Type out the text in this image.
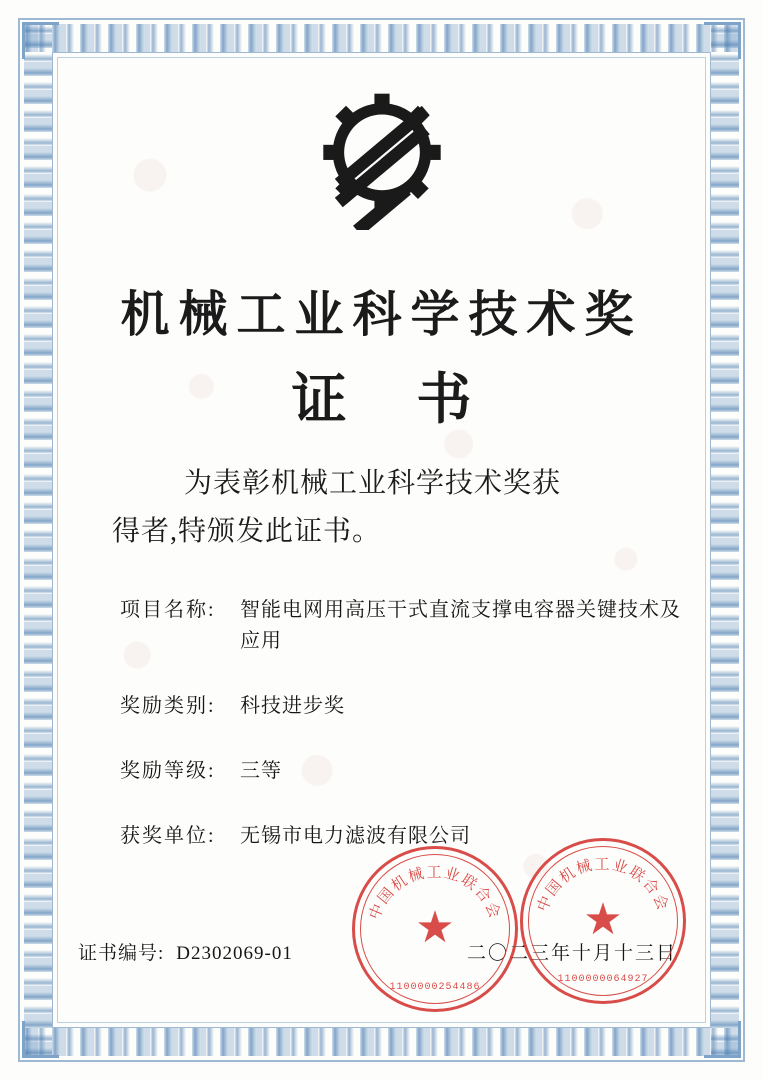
机械工业科学技术奖
证 书
为表彰机械工业科学技术奖获
得者,特颁发此证书。
项目名称:	智能电网用高压干式直流支撑电容器关键技术及应用
奖励类别:	科技进步奖
奖励等级:	三等
获奖单位:	无锡市电力滤波有限公司
证书编号: D2302069-01	二〇二三年十月十三日
中国机械工业联合会
★
1100000254486
中国机械工业联合会
★
1100000064927
